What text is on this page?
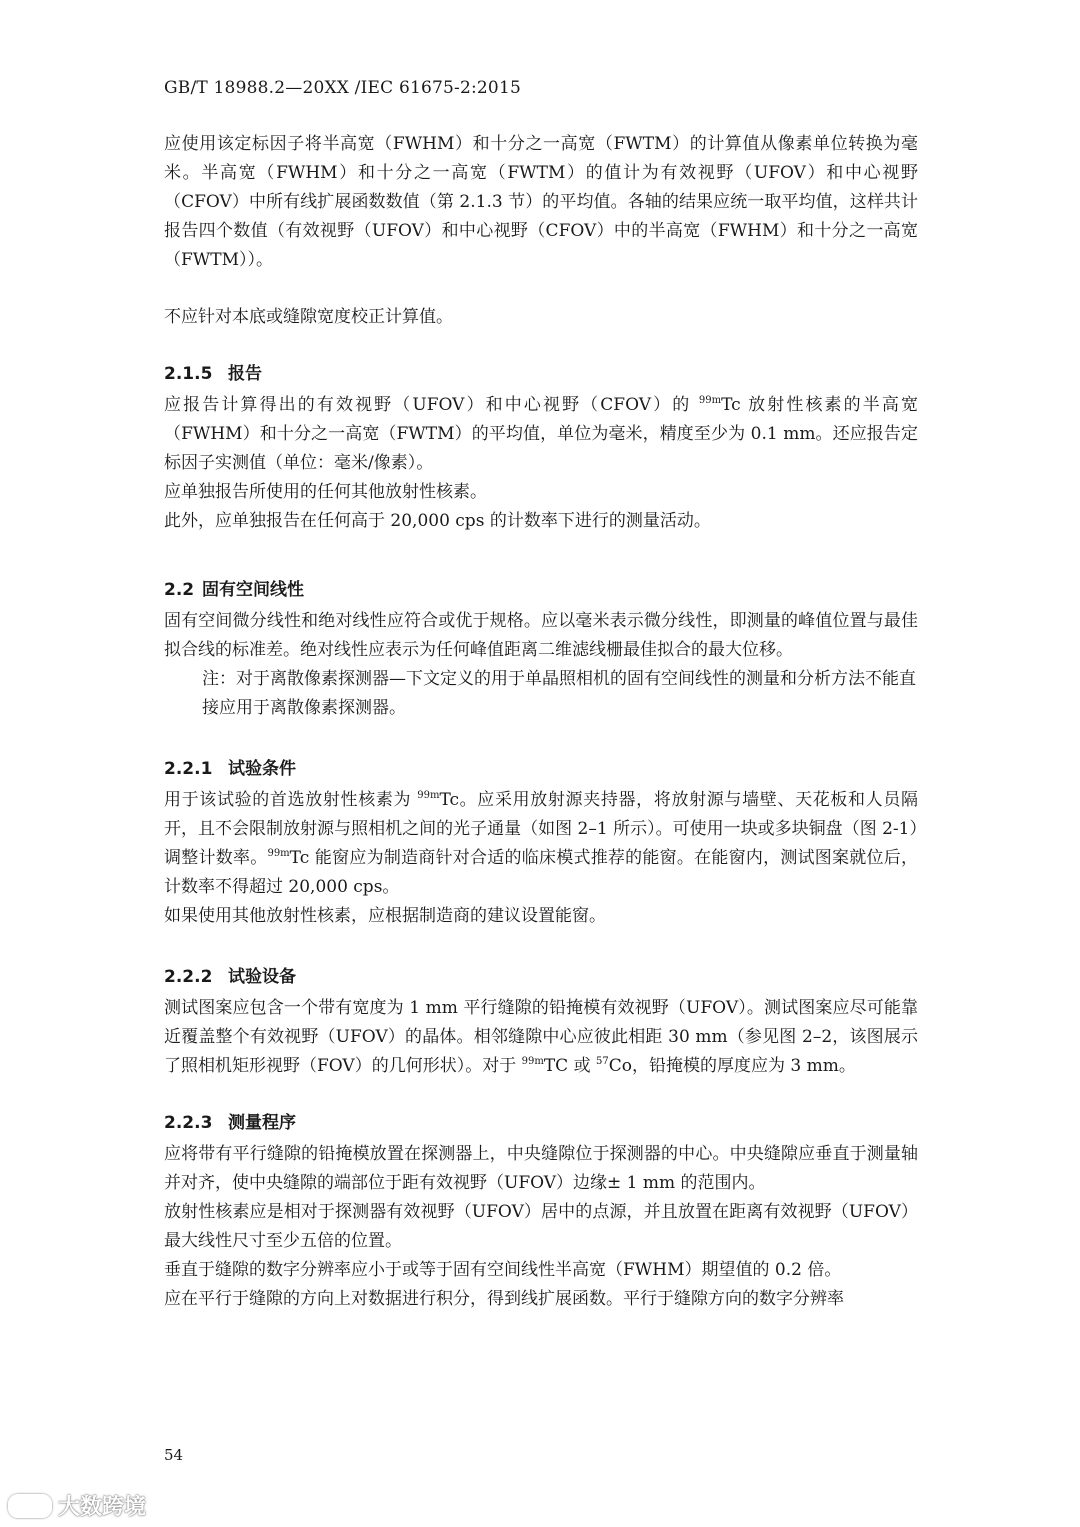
GB/T 18988.2—20XX /IEC 61675-2:2015

应使用该定标因子将半高宽（FWHM）和十分之一高宽（FWTM）的计算值从像素单位转换为毫米。半高宽（FWHM）和十分之一高宽（FWTM）的值计为有效视野（UFOV）和中心视野（CFOV）中所有线扩展函数数值（第 2.1.3 节）的平均值。各轴的结果应统一取平均值，这样共计报告四个数值（有效视野（UFOV）和中心视野（CFOV）中的半高宽（FWHM）和十分之一高宽（FWTM））。

不应针对本底或缝隙宽度校正计算值。

2.1.5 报告

应报告计算得出的有效视野（UFOV）和中心视野（CFOV）的 $^{99m}$Tc 放射性核素的半高宽（FWHM）和十分之一高宽（FWTM）的平均值，单位为毫米，精度至少为 0.1 mm。还应报告定标因子实测值（单位：毫米/像素）。

应单独报告所使用的任何其他放射性核素。

此外，应单独报告在任何高于 20,000 cps 的计数率下进行的测量活动。

2.2 固有空间线性

固有空间微分线性和绝对线性应符合或优于规格。应以毫米表示微分线性，即测量的峰值位置与最佳拟合线的标准差。绝对线性应表示为任何峰值距离二维滤线栅最佳拟合的最大位移。

注：对于离散像素探测器—下文定义的用于单晶照相机的固有空间线性的测量和分析方法不能直接应用于离散像素探测器。

2.2.1 试验条件

用于该试验的首选放射性核素为 $^{99m}$Tc。应采用放射源夹持器，将放射源与墙壁、天花板和人员隔开，且不会限制放射源与照相机之间的光子通量（如图 2–1 所示）。可使用一块或多块铜盘（图 2-1）调整计数率。$^{99m}$Tc 能窗应为制造商针对合适的临床模式推荐的能窗。在能窗内，测试图案就位后，计数率不得超过 20,000 cps。

如果使用其他放射性核素，应根据制造商的建议设置能窗。

2.2.2 试验设备

测试图案应包含一个带有宽度为 1 mm 平行缝隙的铅掩模有效视野（UFOV）。测试图案应尽可能靠近覆盖整个有效视野（UFOV）的晶体。相邻缝隙中心应彼此相距 30 mm（参见图 2–2，该图展示了照相机矩形视野（FOV）的几何形状）。对于 $^{99m}$TC 或 $^{57}$Co，铅掩模的厚度应为 3 mm。

2.2.3 测量程序

应将带有平行缝隙的铅掩模放置在探测器上，中央缝隙位于探测器的中心。中央缝隙应垂直于测量轴并对齐，使中央缝隙的端部位于距有效视野（UFOV）边缘± 1 mm 的范围内。

放射性核素应是相对于探测器有效视野（UFOV）居中的点源，并且放置在距离有效视野（UFOV）最大线性尺寸至少五倍的位置。

垂直于缝隙的数字分辨率应小于或等于固有空间线性半高宽（FWHM）期望值的 0.2 倍。

应在平行于缝隙的方向上对数据进行积分，得到线扩展函数。平行于缝隙方向的数字分辨率

54
大数跨境
